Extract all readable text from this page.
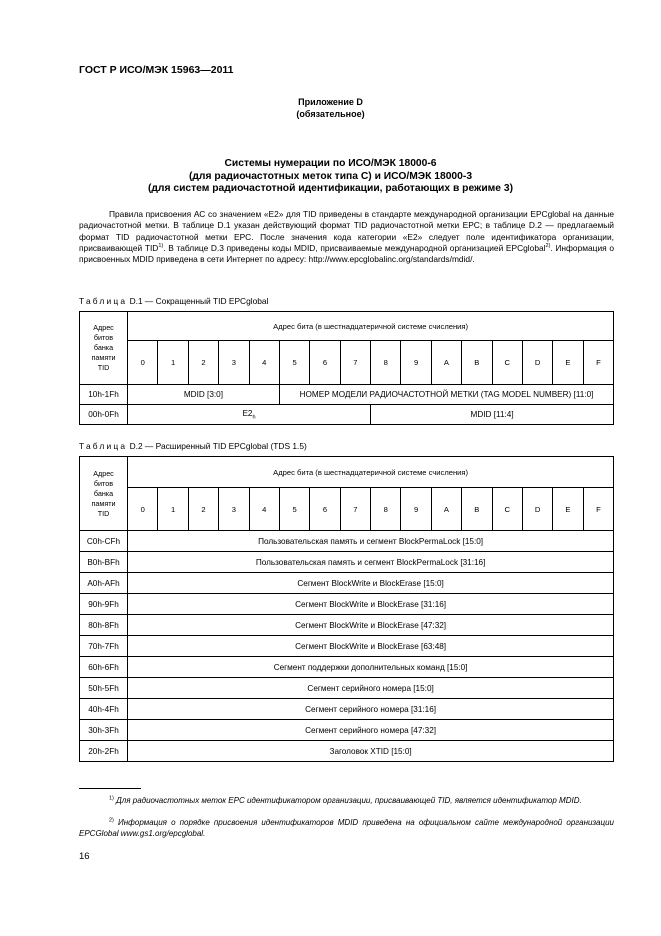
ГОСТ Р ИСО/МЭК 15963—2011
Приложение D
(обязательное)
Системы нумерации по ИСО/МЭК 18000-6
(для радиочастотных меток типа С) и ИСО/МЭК 18000-3
(для систем радиочастотной идентификации, работающих в режиме 3)
Правила присвоения АС со значением «Е2» для TID приведены в стандарте международной организации EPCglobal на данные радиочастотной метки. В таблице D.1 указан действующий формат TID радиочастотной метки EPC; в таблице D.2 — предлагаемый формат TID радиочастотной метки EPC. После значения кода категории «Е2» следует поле идентификатора организации, присваивающей TID$^{1)}$. В таблице D.3 приведены коды MDID, присваиваемые международной организацией EPCglobal$^{2)}$. Информация о присвоенных MDID приведена в сети Интернет по адресу: http://www.epcglobalinc.org/standards/mdid/.
Таблица D.1 — Сокращенный TID EPCglobal
Адрес
битов
банка
памяти
TID	Адрес бита (в шестнадцатеричной системе счисления)															
	0	1	2	3	4	5	6	7	8	9	A	B	C	D	E	F
10h-1Fh	MDID [3:0]					НОМЕР МОДЕЛИ РАДИОЧАСТОТНОЙ МЕТКИ (TAG MODEL NUMBER) [11:0]										
00h-0Fh	$E2_h$								MDID [11:4]							
Таблица D.2 — Расширенный TID EPCglobal (TDS 1.5)
Адрес
битов
банка
памяти
TID	Адрес бита (в шестнадцатеричной системе счисления)															
	0	1	2	3	4	5	6	7	8	9	A	B	C	D	E	F
C0h-CFh	Пользовательская память и сегмент BlockPermaLock [15:0]															
B0h-BFh	Пользовательская память и сегмент BlockPermaLock [31:16]															
A0h-AFh	Сегмент BlockWrite и BlockErase [15:0]															
90h-9Fh	Сегмент BlockWrite и BlockErase [31:16]															
80h-8Fh	Сегмент BlockWrite и BlockErase [47:32]															
70h-7Fh	Сегмент BlockWrite и BlockErase [63:48]															
60h-6Fh	Сегмент поддержки дополнительных команд [15:0]															
50h-5Fh	Сегмент серийного номера [15:0]															
40h-4Fh	Сегмент серийного номера [31:16]															
30h-3Fh	Сегмент серийного номера [47:32]															
20h-2Fh	Заголовок XTID [15:0]															
$^{1)}$ Для радиочастотных меток EPC идентификатором организации, присваивающей TID, является идентификатор MDID.
$^{2)}$ Информация о порядке присвоения идентификаторов MDID приведена на официальном сайте международной организации EPCGlobal www.gs1.org/epcglobal.
16
